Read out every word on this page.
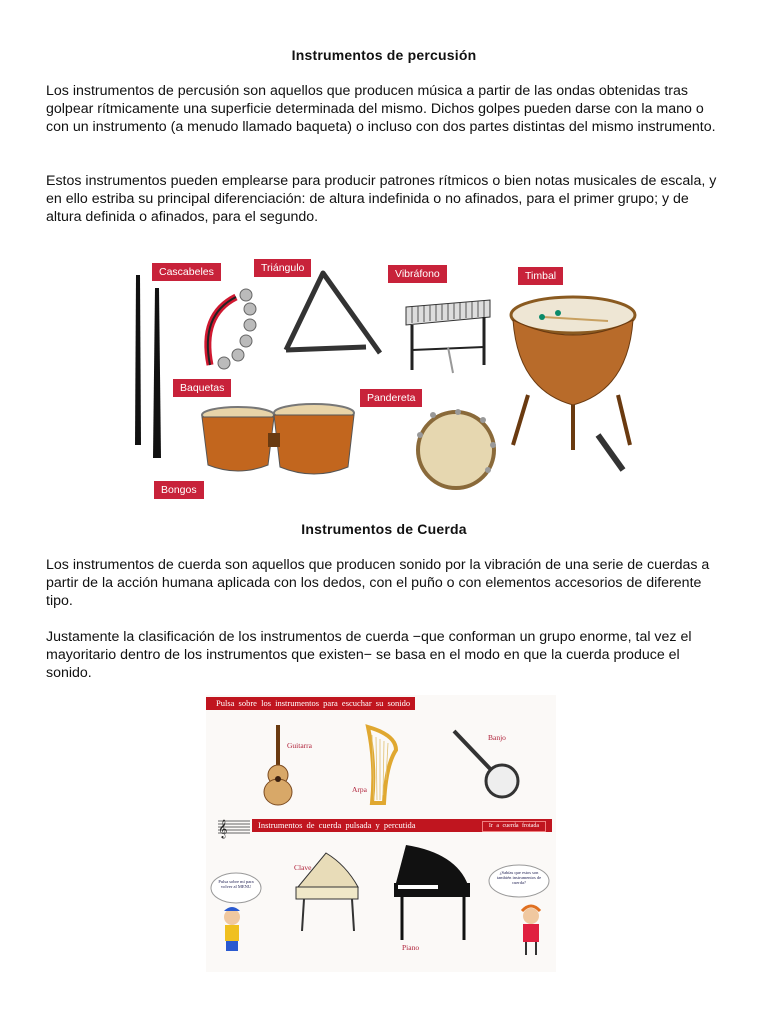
Instrumentos de percusión

Los instrumentos de percusión son aquellos que producen música a partir de las ondas obtenidas tras golpear rítmicamente una superficie determinada del mismo. Dichos golpes pueden darse con la mano o con un instrumento (a menudo llamado baqueta) o incluso con dos partes distintas del mismo instrumento.

Estos instrumentos pueden emplearse para producir patrones rítmicos o bien notas musicales de escala, y en ello estriba su principal diferenciación: de altura indefinida o no afinados, para el primer grupo; y de altura definida o afinados, para el segundo.

Cascabeles	Triángulo	Vibráfono	Timbal
Baquetas
Pandereta
Bongos
Instrumentos de Cuerda

Los instrumentos de cuerda son aquellos que producen sonido por la vibración de una serie de cuerdas a partir de la acción humana aplicada con los dedos, con el puño o con elementos accesorios de diferente tipo.

Justamente la clasificación de los instrumentos de cuerda −que conforman un grupo enorme, tal vez el mayoritario dentro de los instrumentos que existen− se basa en el modo en que la cuerda produce el sonido.

Pulsa sobre los instrumentos para escuchar su sonido
𝄞
Guitarra
Arpa
Banjo
Instrumentos de cuerda pulsada y percutida	Ir a cuerda frotada
Clave
Piano
Pulsa sobre mí para volver al MENU
¿Sabías que estos son también instrumentos de cuerda?
